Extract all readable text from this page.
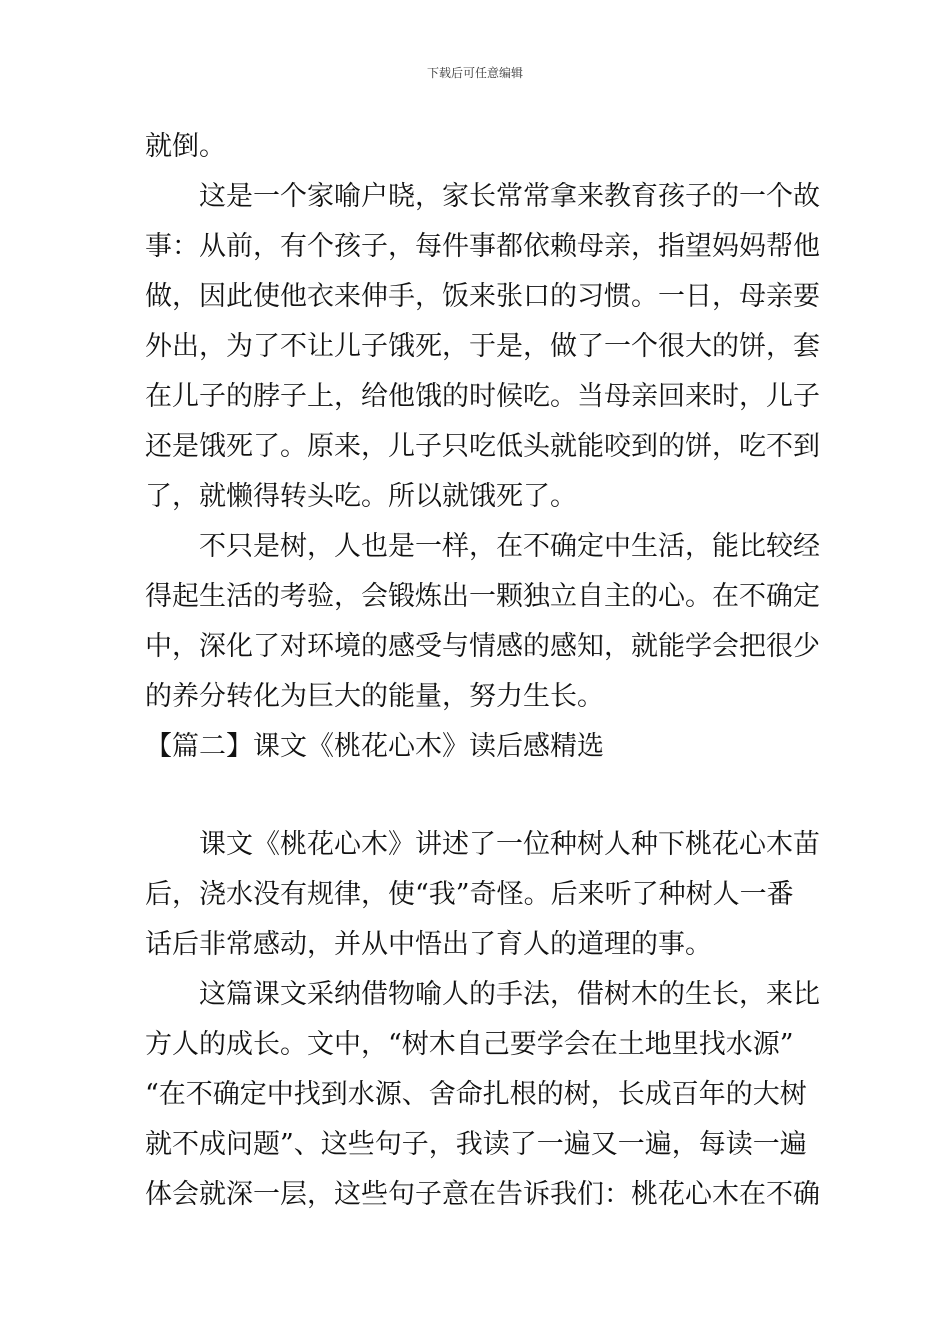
下载后可任意编辑
就倒。
这是一个家喻户晓，家长常常拿来教育孩子的一个故
事：从前，有个孩子，每件事都依赖母亲，指望妈妈帮他
做，因此使他衣来伸手，饭来张口的习惯。一日，母亲要
外出，为了不让儿子饿死，于是，做了一个很大的饼，套
在儿子的脖子上，给他饿的时候吃。当母亲回来时，儿子
还是饿死了。原来，儿子只吃低头就能咬到的饼，吃不到
了，就懒得转头吃。所以就饿死了。
不只是树，人也是一样，在不确定中生活，能比较经
得起生活的考验，会锻炼出一颗独立自主的心。在不确定
中，深化了对环境的感受与情感的感知，就能学会把很少
的养分转化为巨大的能量，努力生长。
【篇二】课文《桃花心木》读后感精选
课文《桃花心木》讲述了一位种树人种下桃花心木苗
后，浇水没有规律，使“我”奇怪。后来听了种树人一番
话后非常感动，并从中悟出了育人的道理的事。
这篇课文采纳借物喻人的手法，借树木的生长，来比
方人的成长。文中，“树木自己要学会在土地里找水源”
“在不确定中找到水源、舍命扎根的树，长成百年的大树
就不成问题”、这些句子，我读了一遍又一遍，每读一遍
体会就深一层，这些句子意在告诉我们：桃花心木在不确
